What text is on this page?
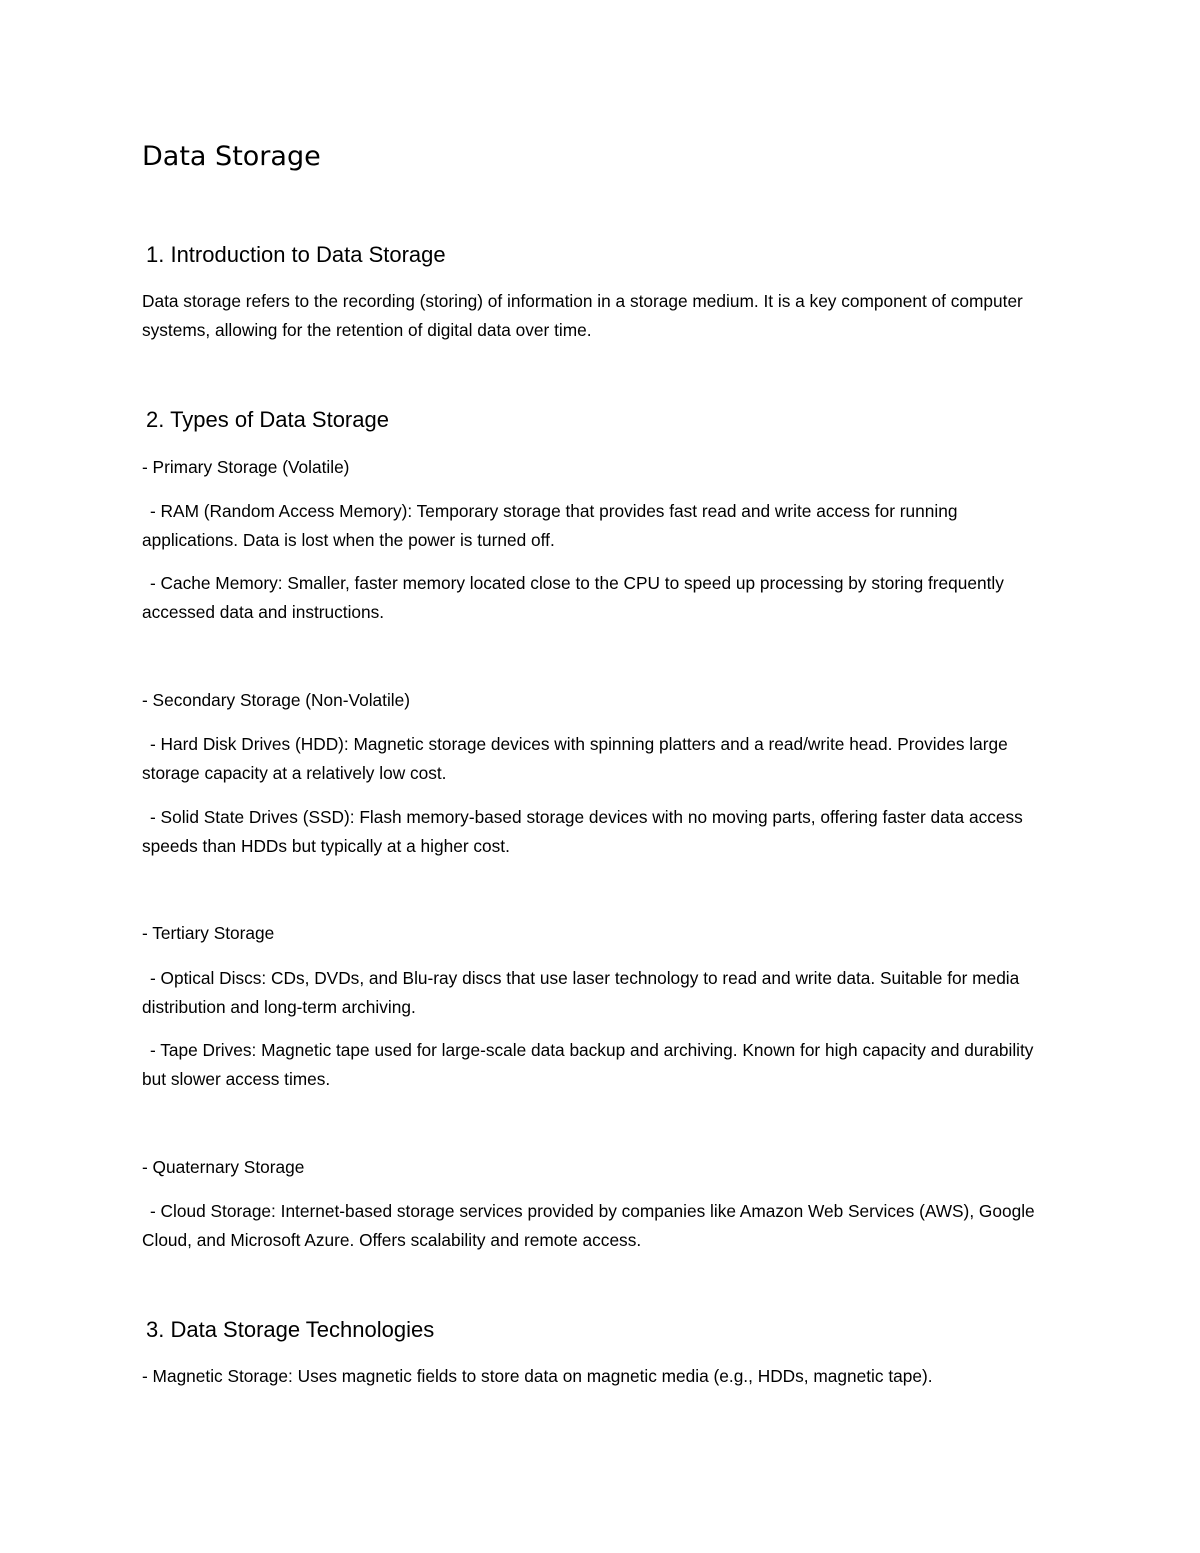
Data Storage
1. Introduction to Data Storage

Data storage refers to the recording (storing) of information in a storage medium. It is a key component of computer systems, allowing for the retention of digital data over time.

2. Types of Data Storage

- Primary Storage (Volatile)

- RAM (Random Access Memory): Temporary storage that provides fast read and write access for running applications. Data is lost when the power is turned off.

- Cache Memory: Smaller, faster memory located close to the CPU to speed up processing by storing frequently accessed data and instructions.

- Secondary Storage (Non-Volatile)

- Hard Disk Drives (HDD): Magnetic storage devices with spinning platters and a read/write head. Provides large storage capacity at a relatively low cost.

- Solid State Drives (SSD): Flash memory-based storage devices with no moving parts, offering faster data access speeds than HDDs but typically at a higher cost.

- Tertiary Storage

- Optical Discs: CDs, DVDs, and Blu-ray discs that use laser technology to read and write data. Suitable for media distribution and long-term archiving.

- Tape Drives: Magnetic tape used for large-scale data backup and archiving. Known for high capacity and durability but slower access times.

- Quaternary Storage

- Cloud Storage: Internet-based storage services provided by companies like Amazon Web Services (AWS), Google Cloud, and Microsoft Azure. Offers scalability and remote access.

3. Data Storage Technologies

- Magnetic Storage: Uses magnetic fields to store data on magnetic media (e.g., HDDs, magnetic tape).
